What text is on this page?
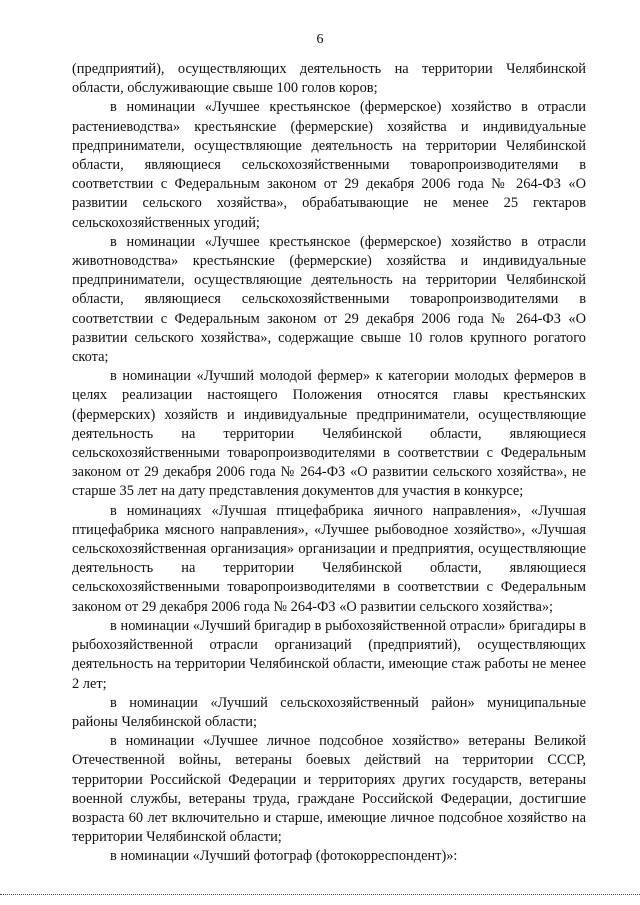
6

(предприятий), осуществляющих деятельность на территории Челябинской области, обслуживающие свыше 100 голов коров;

в номинации «Лучшее крестьянское (фермерское) хозяйство в отрасли растениеводства» крестьянские (фермерские) хозяйства и индивидуальные предприниматели, осуществляющие деятельность на территории Челябинской области, являющиеся сельскохозяйственными товаропроизводителями в соответствии с Федеральным законом от 29 декабря 2006 года № 264-ФЗ «О развитии сельского хозяйства», обрабатывающие не менее 25 гектаров сельскохозяйственных угодий;

в номинации «Лучшее крестьянское (фермерское) хозяйство в отрасли животноводства» крестьянские (фермерские) хозяйства и индивидуальные предприниматели, осуществляющие деятельность на территории Челябинской области, являющиеся сельскохозяйственными товаропроизводителями в соответствии с Федеральным законом от 29 декабря 2006 года № 264-ФЗ «О развитии сельского хозяйства», содержащие свыше 10 голов крупного рогатого скота;

в номинации «Лучший молодой фермер» к категории молодых фермеров в целях реализации настоящего Положения относятся главы крестьянских (фермерских) хозяйств и индивидуальные предприниматели, осуществляющие деятельность на территории Челябинской области, являющиеся сельскохозяйственными товаропроизводителями в соответствии с Федеральным законом от 29 декабря 2006 года № 264-ФЗ «О развитии сельского хозяйства», не старше 35 лет на дату представления документов для участия в конкурсе;

в номинациях «Лучшая птицефабрика яичного направления», «Лучшая птицефабрика мясного направления», «Лучшее рыбоводное хозяйство», «Лучшая сельскохозяйственная организация» организации и предприятия, осуществляющие деятельность на территории Челябинской области, являющиеся сельскохозяйственными товаропроизводителями в соответствии с Федеральным законом от 29 декабря 2006 года № 264-ФЗ «О развитии сельского хозяйства»;

в номинации «Лучший бригадир в рыбохозяйственной отрасли» бригадиры в рыбохозяйственной отрасли организаций (предприятий), осуществляющих деятельность на территории Челябинской области, имеющие стаж работы не менее 2 лет;

в номинации «Лучший сельскохозяйственный район» муниципальные районы Челябинской области;

в номинации «Лучшее личное подсобное хозяйство» ветераны Великой Отечественной войны, ветераны боевых действий на территории СССР, территории Российской Федерации и территориях других государств, ветераны военной службы, ветераны труда, граждане Российской Федерации, достигшие возраста 60 лет включительно и старше, имеющие личное подсобное хозяйство на территории Челябинской области;

в номинации «Лучший фотограф (фотокорреспондент)»:
